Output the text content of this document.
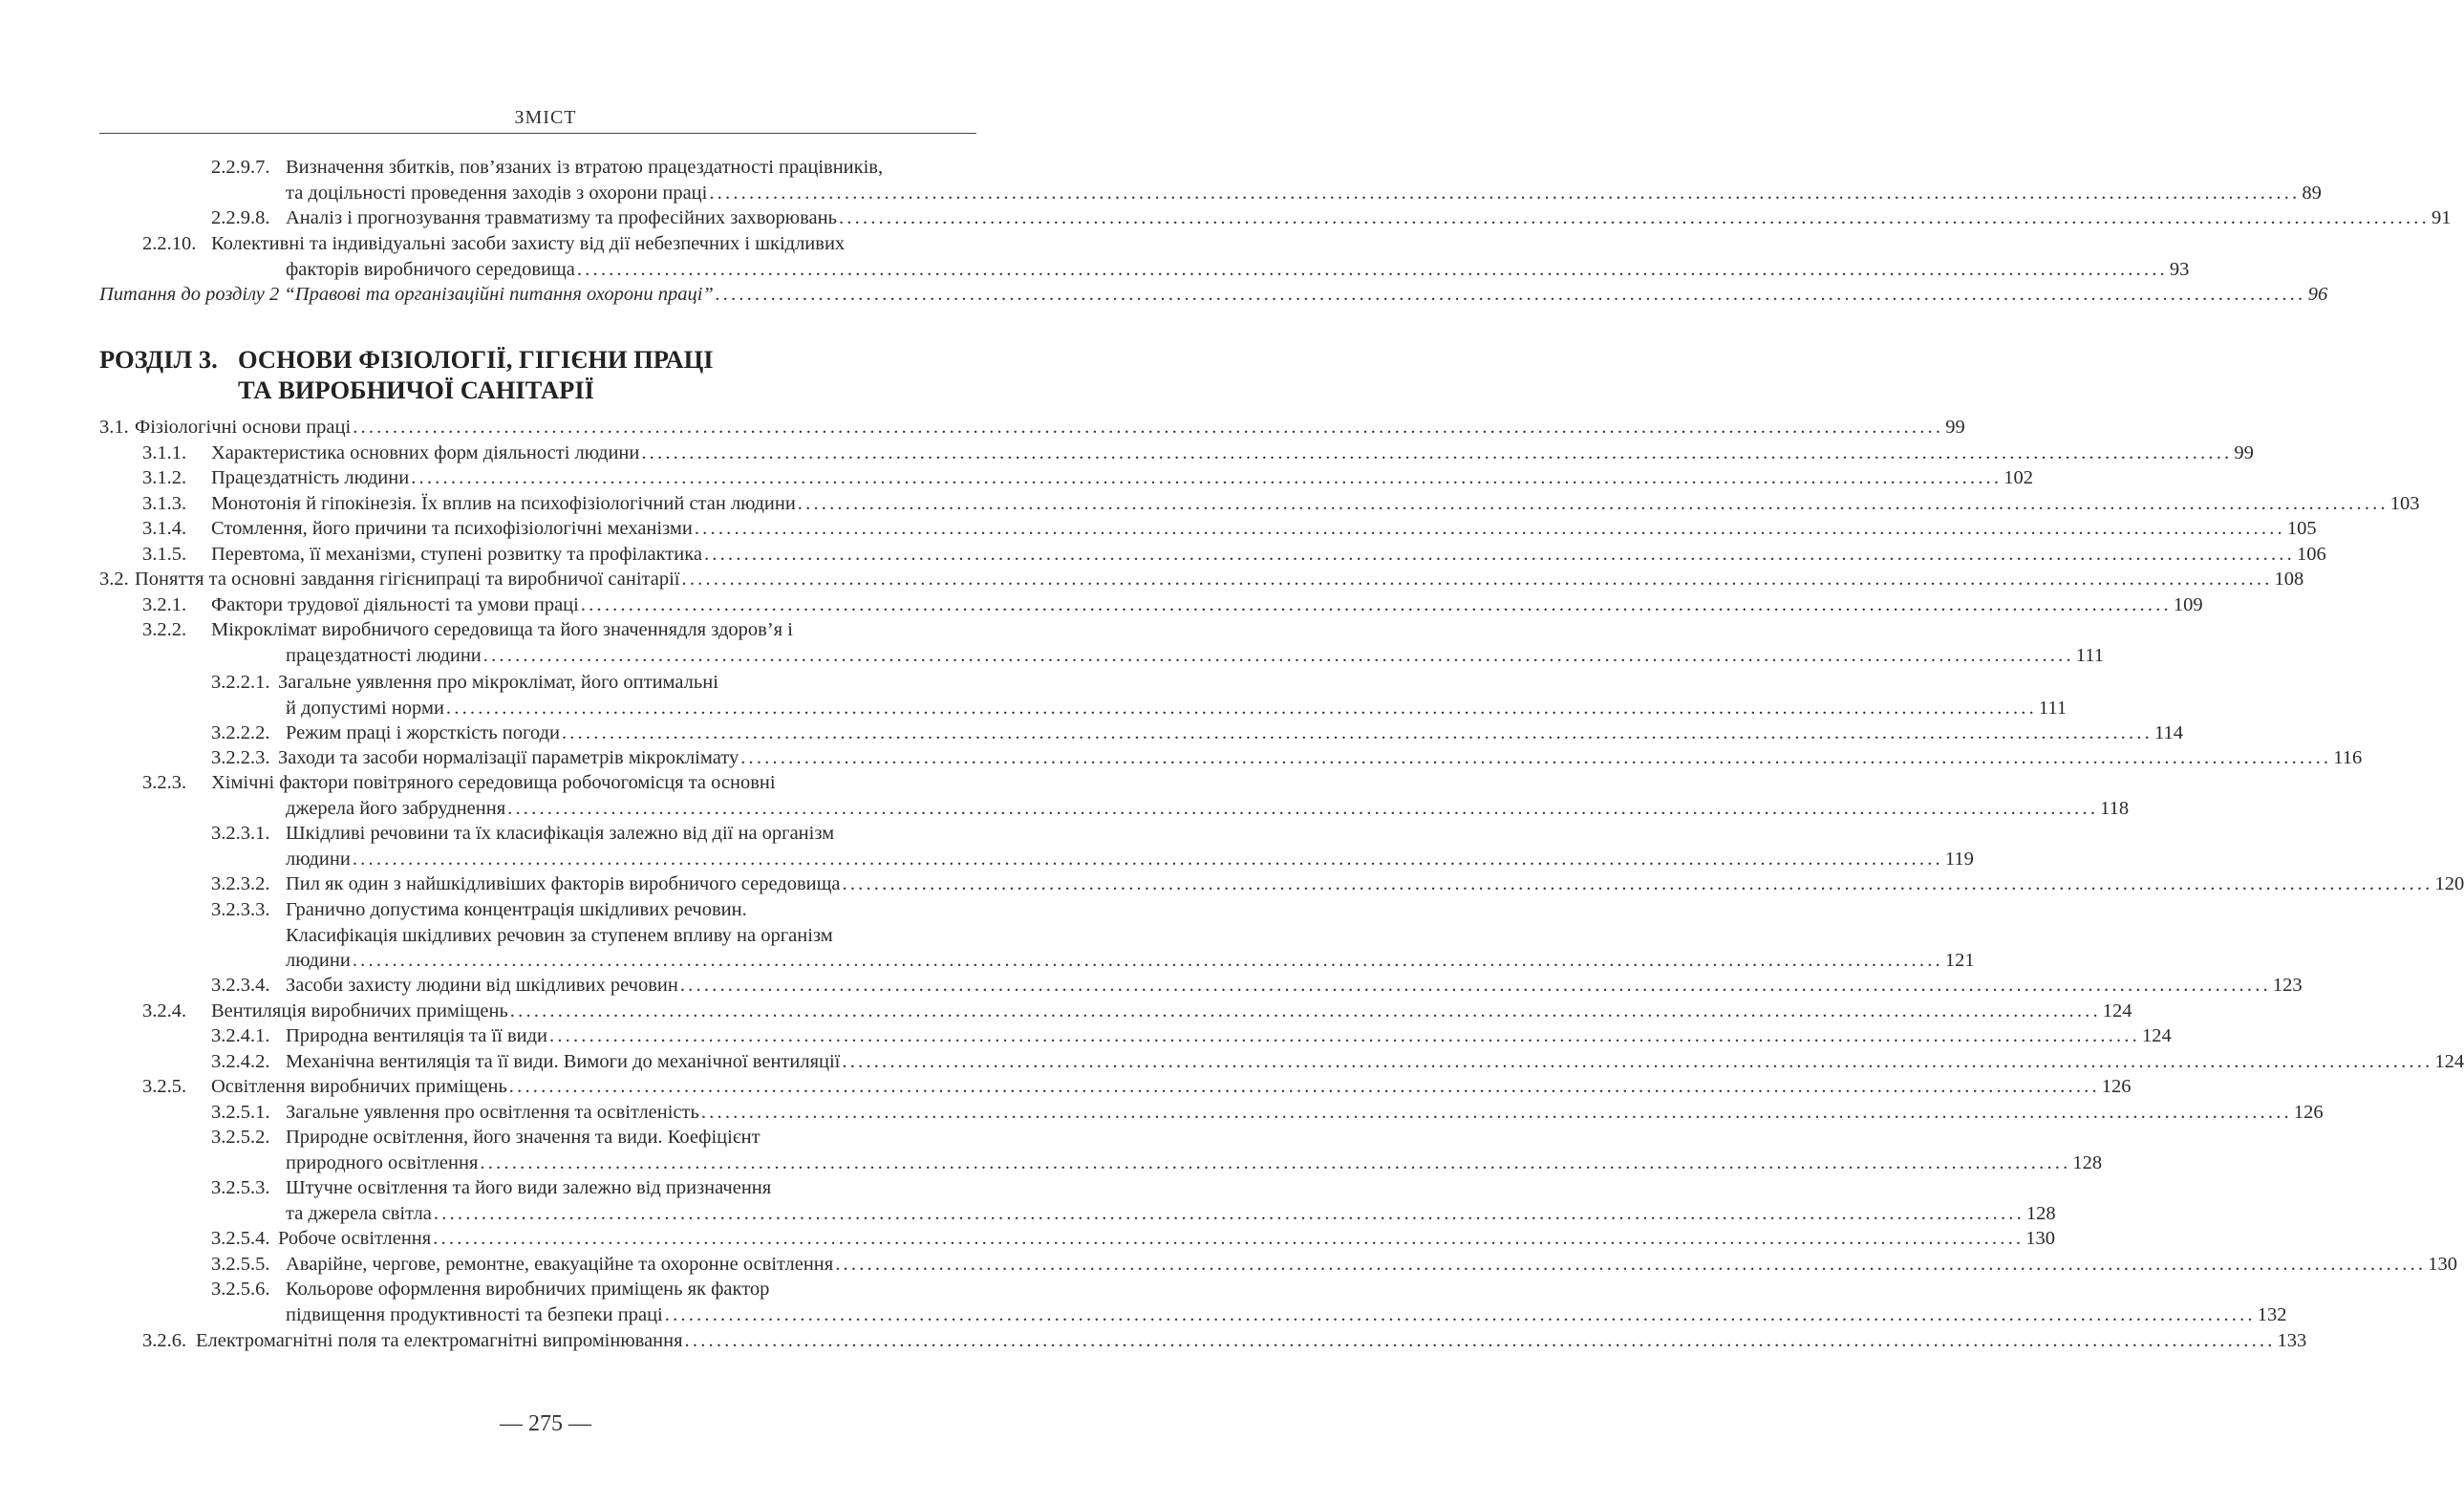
ЗМІСТ
РОЗДІЛ 3. ОСНОВИ ФІЗІОЛОГІЇ, ГІГІЄНИ ПРАЦІ
ТА ВИРОБНИЧОЇ САНІТАРІЇ
2.2.9.7. Визначення збитків, пов’язаних із втратою працездатності працівників,
та доцільності проведення заходів з охорони праці ........................................................................................................................................................................................................ 89
2.2.9.8. Аналіз і прогнозування травматизму та професійних захворювань ........................................................................................................................................................................................................ 91
2.2.10. Колективні та індивідуальні засоби захисту від дії небезпечних і шкідливих
факторів виробничого середовища ........................................................................................................................................................................................................ 93
Питання до розділу 2 “Правові та організаційні питання охорони праці” ........................................................................................................................................................................................................ 96
3.1. Фізіологічні основи праці ........................................................................................................................................................................................................ 99
3.1.1. Характеристика основних форм діяльності людини ........................................................................................................................................................................................................ 99
3.1.2. Працездатність людини ........................................................................................................................................................................................................ 102
3.1.3. Монотонія й гіпокінезія. Їх вплив на психофізіологічний стан людини ........................................................................................................................................................................................................ 103
3.1.4. Стомлення, його причини та психофізіологічні механізми ........................................................................................................................................................................................................ 105
3.1.5. Перевтома, її механізми, ступені розвитку та профілактика ........................................................................................................................................................................................................ 106
3.2. Поняття та основні завдання гігієнипраці та виробничої санітарії ........................................................................................................................................................................................................ 108
3.2.1. Фактори трудової діяльності та умови праці ........................................................................................................................................................................................................ 109
3.2.2. Мікроклімат виробничого середовища та його значеннядля здоров’я і
працездатності людини ........................................................................................................................................................................................................ 111
3.2.2.1. Загальне уявлення про мікроклімат, його оптимальні
й допустимі норми ........................................................................................................................................................................................................ 111
3.2.2.2. Режим праці і жорсткість погоди ........................................................................................................................................................................................................ 114
3.2.2.3. Заходи та засоби нормалізації параметрів мікроклімату ........................................................................................................................................................................................................ 116
3.2.3. Хімічні фактори повітряного середовища робочогомісця та основні
джерела його забруднення ........................................................................................................................................................................................................ 118
3.2.3.1. Шкідливі речовини та їх класифікація залежно від дії на організм
людини ........................................................................................................................................................................................................ 119
3.2.3.2. Пил як один з найшкідливіших факторів виробничого середовища ........................................................................................................................................................................................................ 120
3.2.3.3. Гранично допустима концентрація шкідливих речовин.
Класифікація шкідливих речовин за ступенем впливу на організм
людини ........................................................................................................................................................................................................ 121
3.2.3.4. Засоби захисту людини від шкідливих речовин ........................................................................................................................................................................................................ 123
3.2.4. Вентиляція виробничих приміщень ........................................................................................................................................................................................................ 124
3.2.4.1. Природна вентиляція та її види ........................................................................................................................................................................................................ 124
3.2.4.2. Механічна вентиляція та її види. Вимоги до механічної вентиляції ........................................................................................................................................................................................................ 124
3.2.5. Освітлення виробничих приміщень ........................................................................................................................................................................................................ 126
3.2.5.1. Загальне уявлення про освітлення та освітленість ........................................................................................................................................................................................................ 126
3.2.5.2. Природне освітлення, його значення та види. Коефіцієнт
природного освітлення ........................................................................................................................................................................................................ 128
3.2.5.3. Штучне освітлення та його види залежно від призначення
та джерела світла ........................................................................................................................................................................................................ 128
3.2.5.4. Робоче освітлення ........................................................................................................................................................................................................ 130
3.2.5.5. Аварійне, чергове, ремонтне, евакуаційне та охоронне освітлення ........................................................................................................................................................................................................ 130
3.2.5.6. Кольорове оформлення виробничих приміщень як фактор
підвищення продуктивності та безпеки праці ........................................................................................................................................................................................................ 132
3.2.6. Електромагнітні поля та електромагнітні випромінювання ........................................................................................................................................................................................................ 133
— 275 —
